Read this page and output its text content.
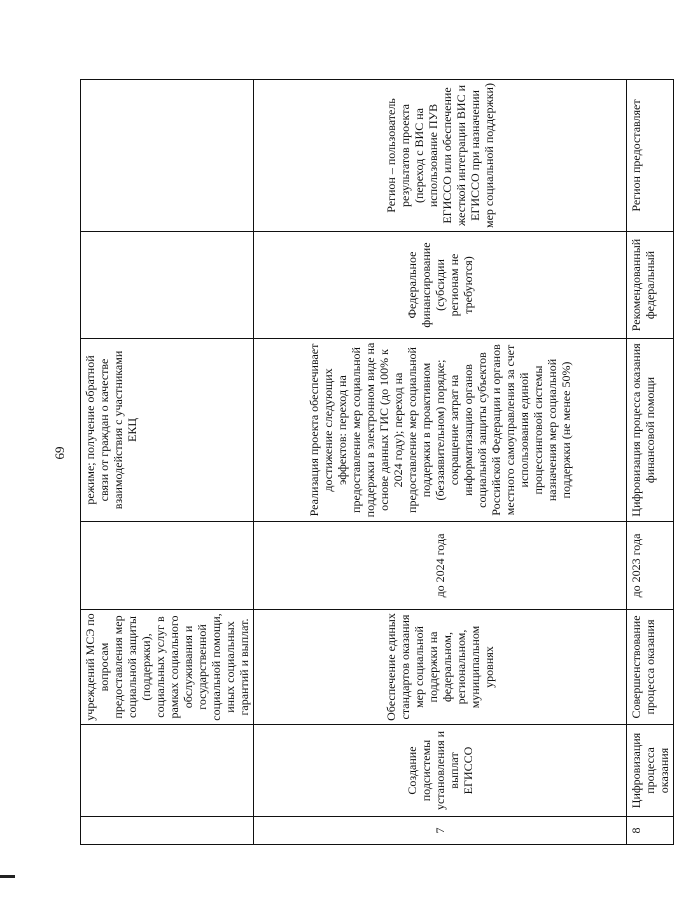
69
		учреждений МСЭ по вопросам предоставления мер социальной защиты (поддержки), социальных услуг в рамках социального обслуживания и государственной социальной помощи, иных социальных гарантий и выплат.		режиме; получение обратной связи от граждан о качестве взаимодействия с участниками ЕКЦ		
7	Создание подсистемы установления и выплат ЕГИССО	Обеспечение единых стандартов оказания мер социальной поддержки на федеральном, региональном, муниципальном уровнях	до 2024 года	Реализация проекта обеспечивает достижение следующих эффектов: переход на предоставление мер социальной поддержки в электронном виде на основе данных ГИС (до 100% к 2024 году); переход на предоставление мер социальной поддержки в проактивном (беззаявительном) порядке; сокращение затрат на информатизацию органов социальной защиты субъектов Российской Федерации и органов местного самоуправления за счет использования единой процессинговой системы назначения мер социальной поддержки (не менее 50%)	Федеральное финансирование (субсидии регионам не требуются)	Регион – пользователь результатов проекта (переход с ВИС на использование ПУВ ЕГИССО или обеспечение жесткой интеграции ВИС и ЕГИССО при назначении мер социальной поддержки)
8	Цифровизация процесса оказания	Совершенствование процесса оказания	до 2023 года	Цифровизация процесса оказания финансовой помощи	Рекомендованный федеральный	Регион предоставляет
